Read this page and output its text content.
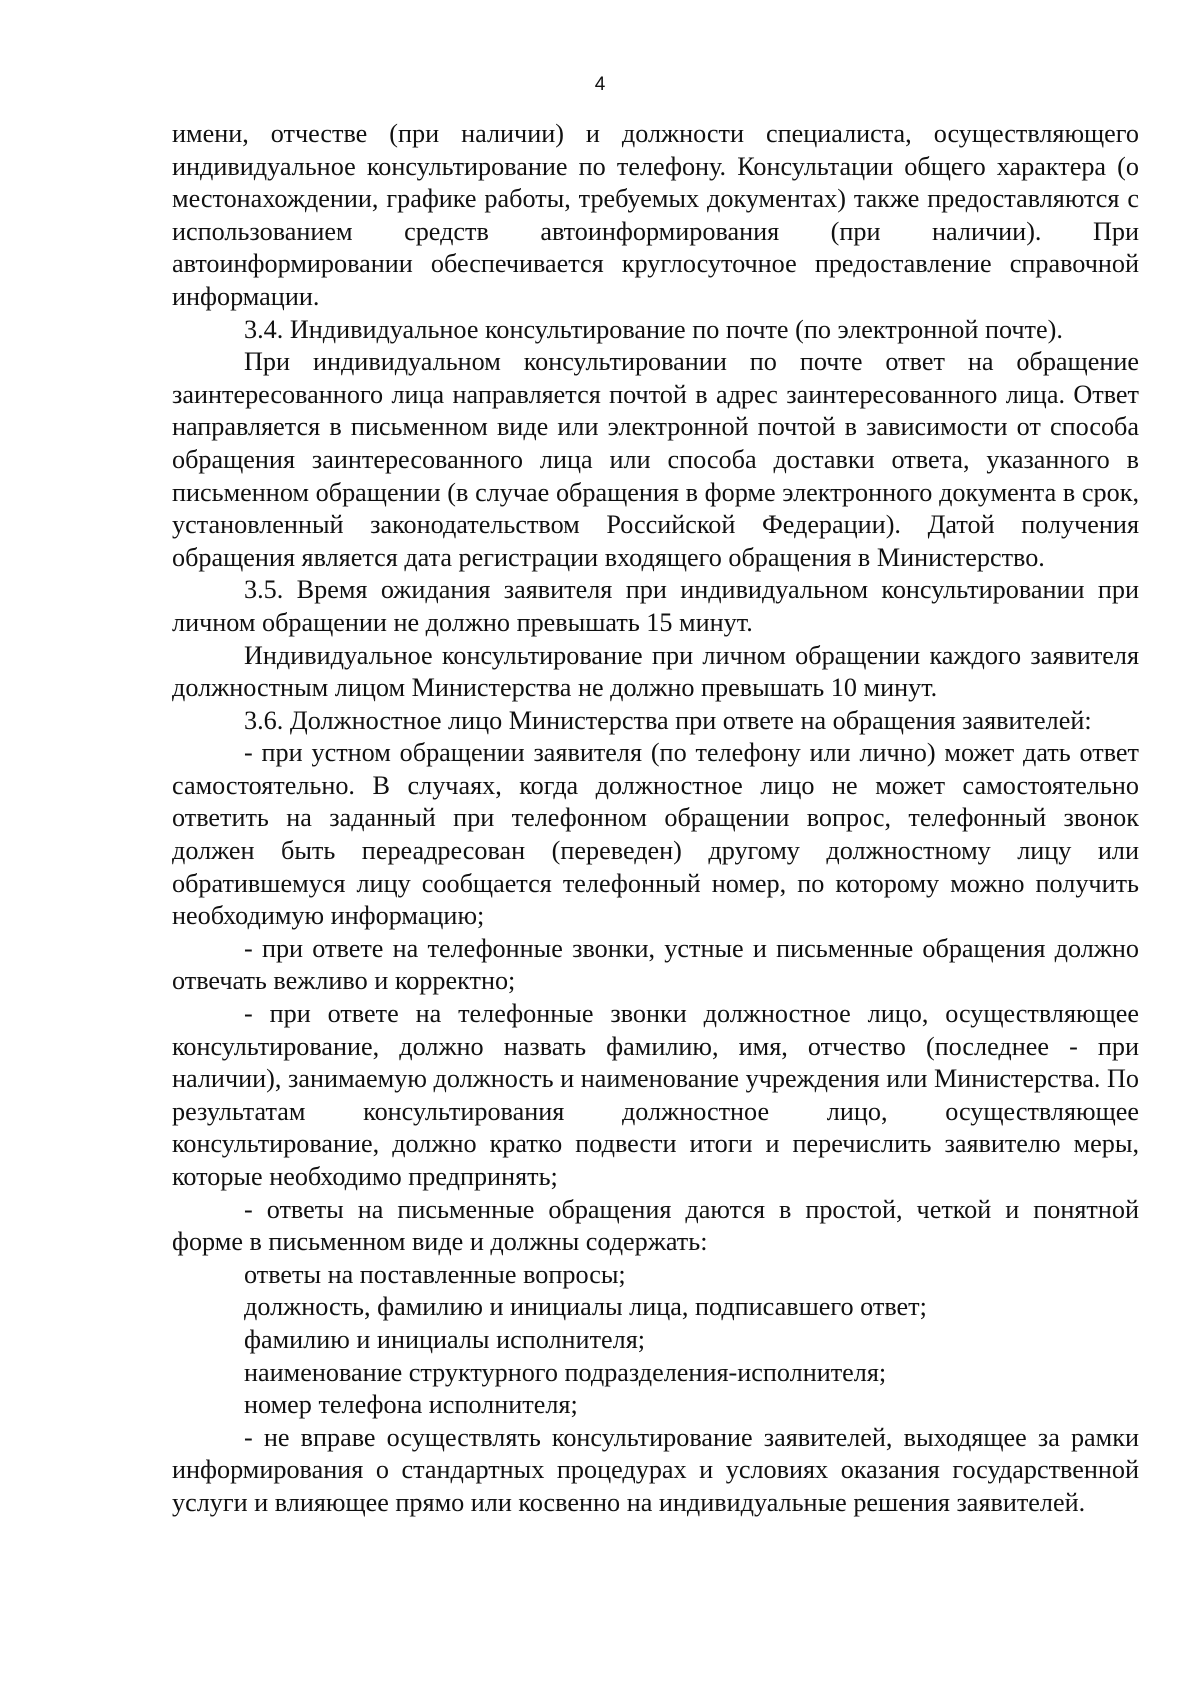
4

имени, отчестве (при наличии) и должности специалиста, осуществляющего индивидуальное консультирование по телефону. Консультации общего характера (о местонахождении, графике работы, требуемых документах) также предоставляются с использованием средств автоинформирования (при наличии). При автоинформировании обеспечивается круглосуточное предоставление справочной информации.

3.4. Индивидуальное консультирование по почте (по электронной почте).

При индивидуальном консультировании по почте ответ на обращение заинтересованного лица направляется почтой в адрес заинтересованного лица. Ответ направляется в письменном виде или электронной почтой в зависимости от способа обращения заинтересованного лица или способа доставки ответа, указанного в письменном обращении (в случае обращения в форме электронного документа в срок, установленный законодательством Российской Федерации). Датой получения обращения является дата регистрации входящего обращения в Министерство.

3.5. Время ожидания заявителя при индивидуальном консультировании при личном обращении не должно превышать 15 минут.

Индивидуальное консультирование при личном обращении каждого заявителя должностным лицом Министерства не должно превышать 10 минут.

3.6. Должностное лицо Министерства при ответе на обращения заявителей:

- при устном обращении заявителя (по телефону или лично) может дать ответ самостоятельно. В случаях, когда должностное лицо не может самостоятельно ответить на заданный при телефонном обращении вопрос, телефонный звонок должен быть переадресован (переведен) другому должностному лицу или обратившемуся лицу сообщается телефонный номер, по которому можно получить необходимую информацию;

- при ответе на телефонные звонки, устные и письменные обращения должно отвечать вежливо и корректно;

- при ответе на телефонные звонки должностное лицо, осуществляющее консультирование, должно назвать фамилию, имя, отчество (последнее - при наличии), занимаемую должность и наименование учреждения или Министерства. По результатам консультирования должностное лицо, осуществляющее консультирование, должно кратко подвести итоги и перечислить заявителю меры, которые необходимо предпринять;

- ответы на письменные обращения даются в простой, четкой и понятной форме в письменном виде и должны содержать:

ответы на поставленные вопросы;

должность, фамилию и инициалы лица, подписавшего ответ;

фамилию и инициалы исполнителя;

наименование структурного подразделения-исполнителя;

номер телефона исполнителя;

- не вправе осуществлять консультирование заявителей, выходящее за рамки информирования о стандартных процедурах и условиях оказания государственной услуги и влияющее прямо или косвенно на индивидуальные решения заявителей.
